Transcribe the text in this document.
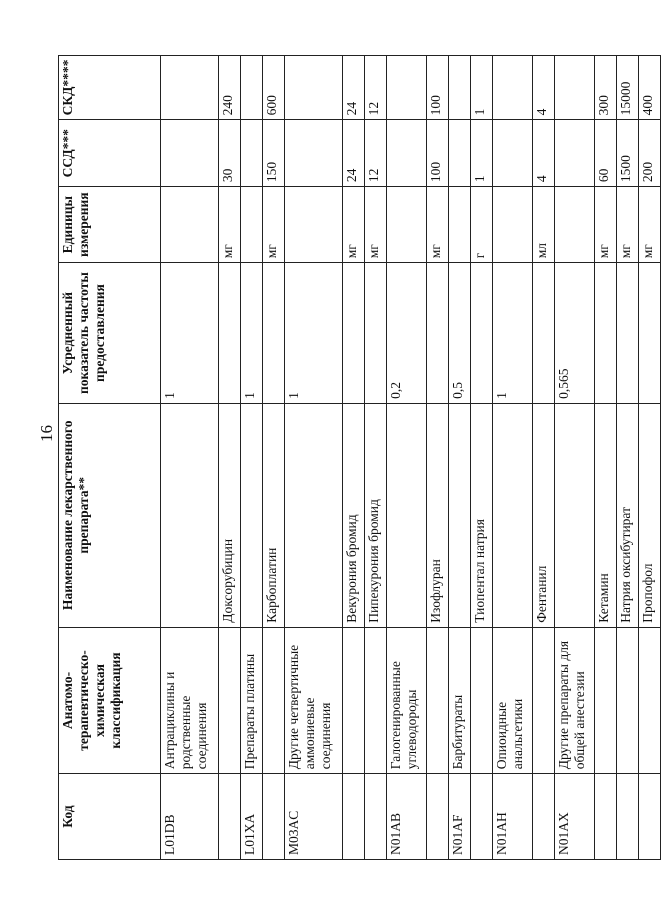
16
Код	Анатомо-терапевтическо-химическая классификация	Наименование лекарственного препарата**	Усредненный показатель частоты предоставления	Единицы измерения	ССД***	СКД****
L01DB	Антрациклины и родственные соединения		1			
		Доксорубицин		мг	30	240
L01XA	Препараты платины		1			
		Карбоплатин		мг	150	600
M03AC	Другие четвертичные аммониевые соединения		1			
		Векурония бромид		мг	24	24
		Пипекурония бромид		мг	12	12
N01AB	Галогенированные углеводороды		0,2			
		Изофлуран		мг	100	100
N01AF	Барбитураты		0,5			
		Тиопентал натрия		г	1	1
N01AH	Опиоидные анальгетики		1			
		Фентанил		мл	4	4
N01AX	Другие препараты для общей анестезии		0,565			
		Кетамин		мг	60	300
		Натрия оксибутират		мг	1500	15000
		Пропофол		мг	200	400
